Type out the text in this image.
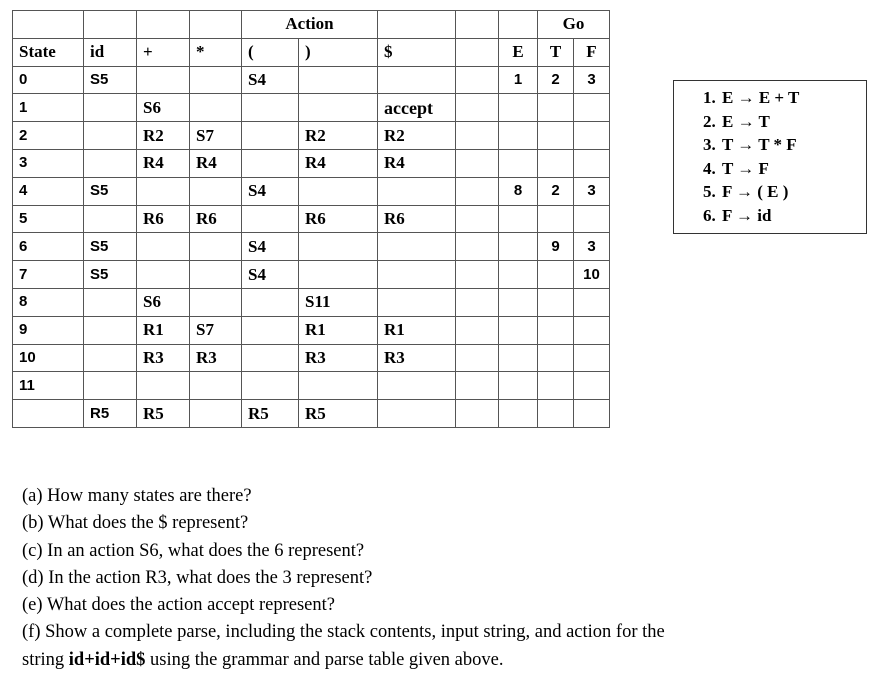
				Action					Go	
State	id	+	*	(	)	$		E	T	F
0	S5			S4				1	2	3
1		S6				accept				
2		R2	S7		R2	R2				
3		R4	R4		R4	R4				
4	S5			S4				8	2	3
5		R6	R6		R6	R6				
6	S5			S4					9	3
7	S5			S4						10
8		S6			S11					
9		R1	S7		R1	R1				
10		R3	R3		R3	R3				
11										
	R5	R5		R5	R5					
1. E → E + T
2. E → T
3. T → T * F
4. T → F
5. F → ( E )
6. F → id
(a) How many states are there?
(b) What does the $ represent?
(c) In an action S6, what does the 6 represent?
(d) In the action R3, what does the 3 represent?
(e) What does the action accept represent?
(f) Show a complete parse, including the stack contents, input string, and action for the
string id+id+id$ using the grammar and parse table given above.
